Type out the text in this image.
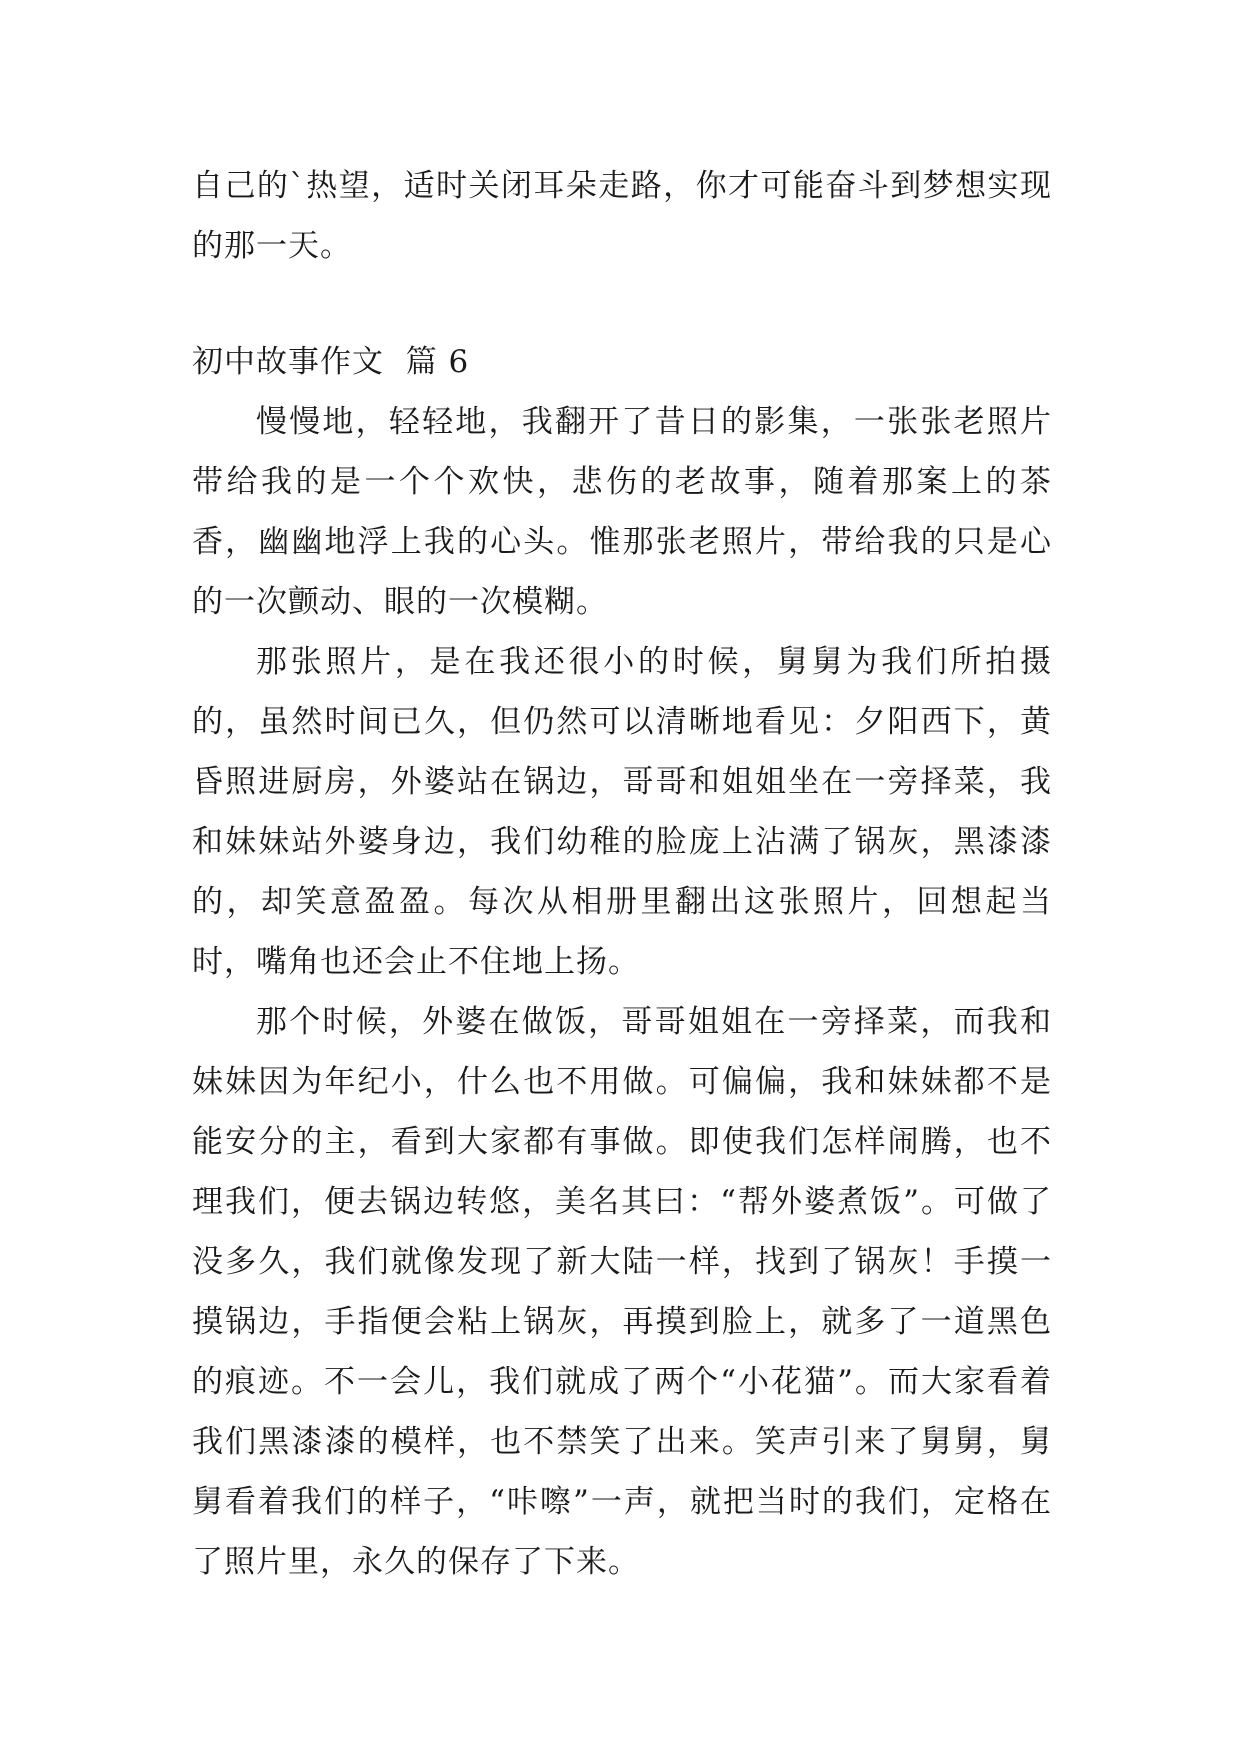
自己的`热望，适时关闭耳朵走路，你才可能奋斗到梦想实现的那一天。

初中故事作文  篇 6

慢慢地，轻轻地，我翻开了昔日的影集，一张张老照片带给我的是一个个欢快，悲伤的老故事，随着那案上的茶香，幽幽地浮上我的心头。惟那张老照片，带给我的只是心的一次颤动、眼的一次模糊。

那张照片，是在我还很小的时候，舅舅为我们所拍摄的，虽然时间已久，但仍然可以清晰地看见：夕阳西下，黄昏照进厨房，外婆站在锅边，哥哥和姐姐坐在一旁择菜，我和妹妹站外婆身边，我们幼稚的脸庞上沾满了锅灰，黑漆漆的，却笑意盈盈。每次从相册里翻出这张照片，回想起当时，嘴角也还会止不住地上扬。

那个时候，外婆在做饭，哥哥姐姐在一旁择菜，而我和妹妹因为年纪小，什么也不用做。可偏偏，我和妹妹都不是能安分的主，看到大家都有事做。即使我们怎样闹腾，也不理我们，便去锅边转悠，美名其曰：“帮外婆煮饭”。可做了没多久，我们就像发现了新大陆一样，找到了锅灰！手摸一摸锅边，手指便会粘上锅灰，再摸到脸上，就多了一道黑色的痕迹。不一会儿，我们就成了两个“小花猫”。而大家看着我们黑漆漆的模样，也不禁笑了出来。笑声引来了舅舅，舅舅看着我们的样子，“咔嚓”一声，就把当时的我们，定格在了照片里，永久的保存了下来。
